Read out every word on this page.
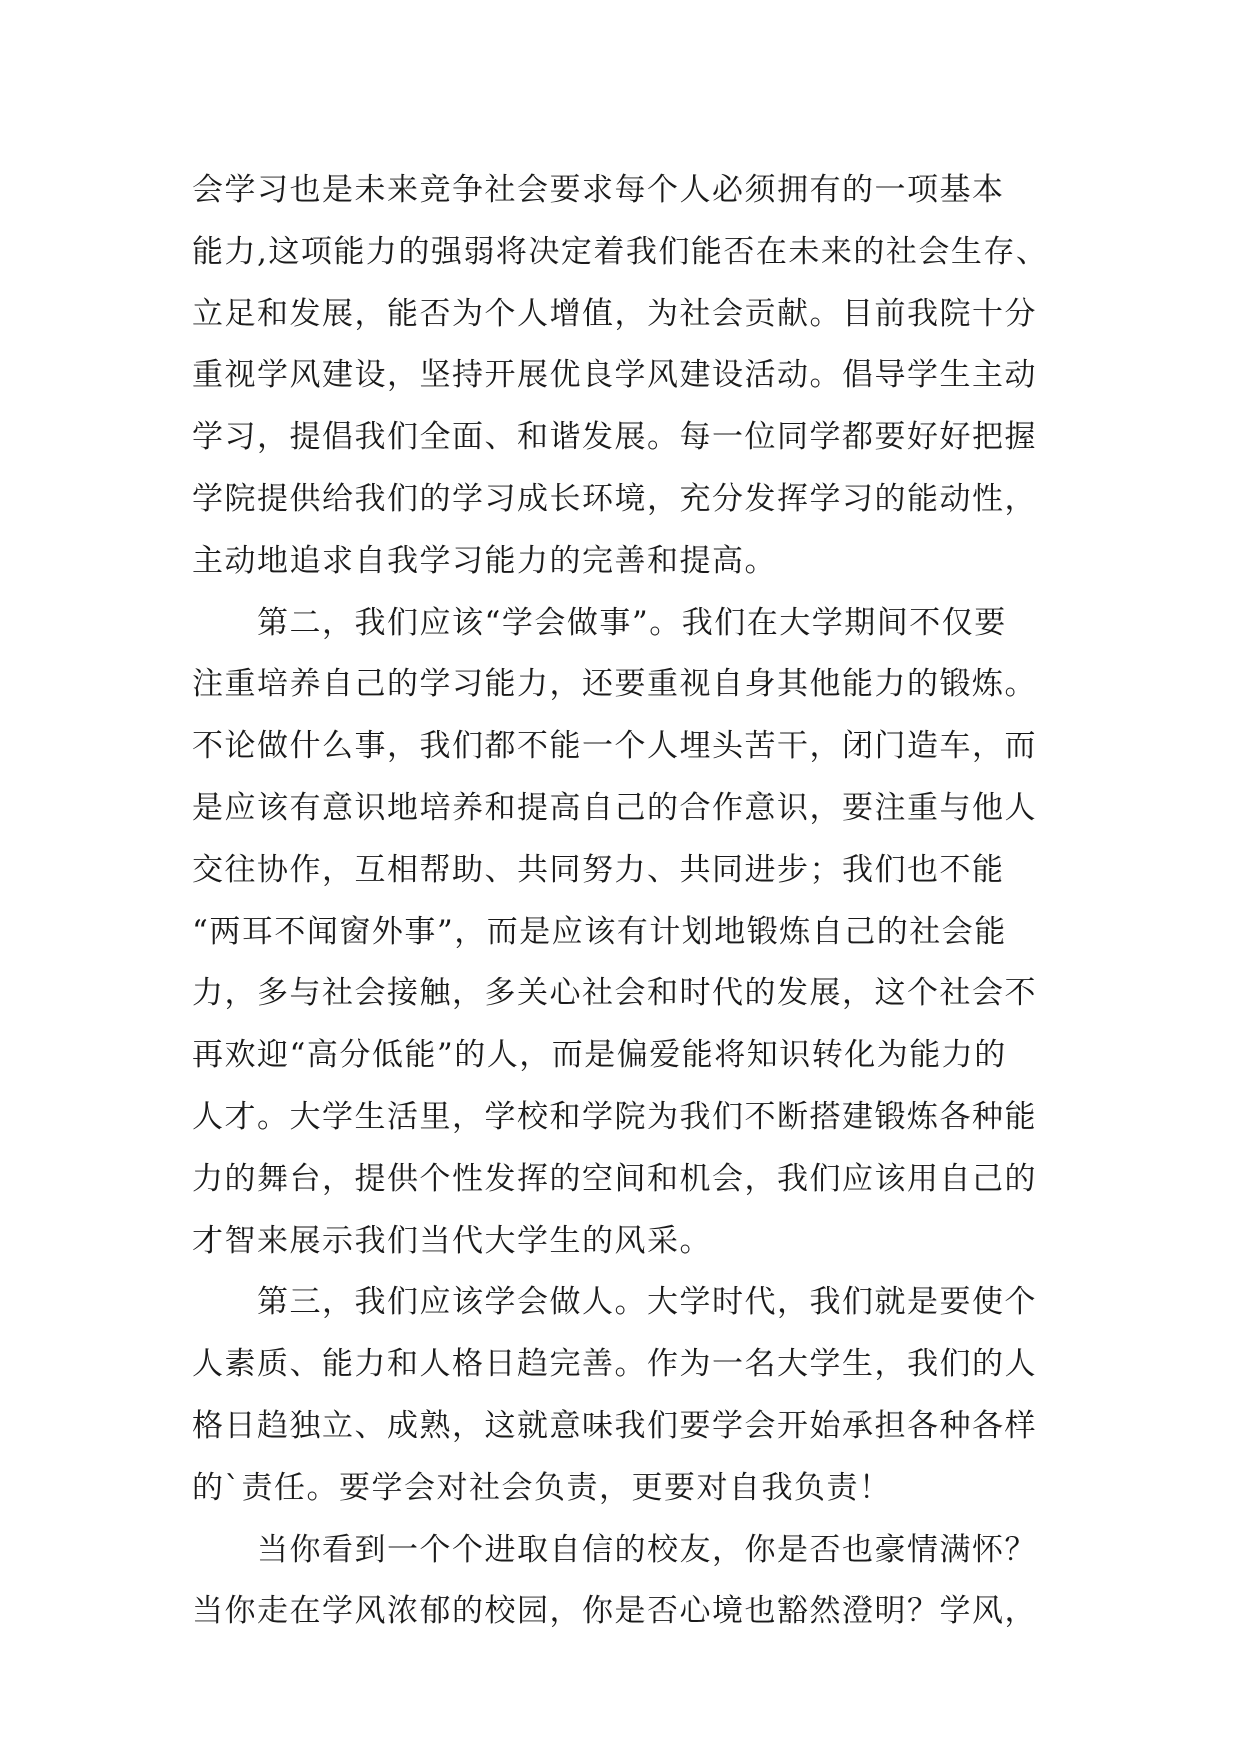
会学习也是未来竞争社会要求每个人必须拥有的一项基本
能力,这项能力的强弱将决定着我们能否在未来的社会生存、
立足和发展，能否为个人增值，为社会贡献。目前我院十分
重视学风建设，坚持开展优良学风建设活动。倡导学生主动
学习，提倡我们全面、和谐发展。每一位同学都要好好把握
学院提供给我们的学习成长环境，充分发挥学习的能动性，
主动地追求自我学习能力的完善和提高。
　　第二，我们应该“学会做事”。我们在大学期间不仅要
注重培养自己的学习能力，还要重视自身其他能力的锻炼。
不论做什么事，我们都不能一个人埋头苦干，闭门造车，而
是应该有意识地培养和提高自己的合作意识，要注重与他人
交往协作，互相帮助、共同努力、共同进步；我们也不能
“两耳不闻窗外事”，而是应该有计划地锻炼自己的社会能
力，多与社会接触，多关心社会和时代的发展，这个社会不
再欢迎“高分低能”的人，而是偏爱能将知识转化为能力的
人才。大学生活里，学校和学院为我们不断搭建锻炼各种能
力的舞台，提供个性发挥的空间和机会，我们应该用自己的
才智来展示我们当代大学生的风采。
　　第三，我们应该学会做人。大学时代，我们就是要使个
人素质、能力和人格日趋完善。作为一名大学生，我们的人
格日趋独立、成熟，这就意味我们要学会开始承担各种各样
的`责任。要学会对社会负责，更要对自我负责！
　　当你看到一个个进取自信的校友，你是否也豪情满怀？
当你走在学风浓郁的校园，你是否心境也豁然澄明？学风，
